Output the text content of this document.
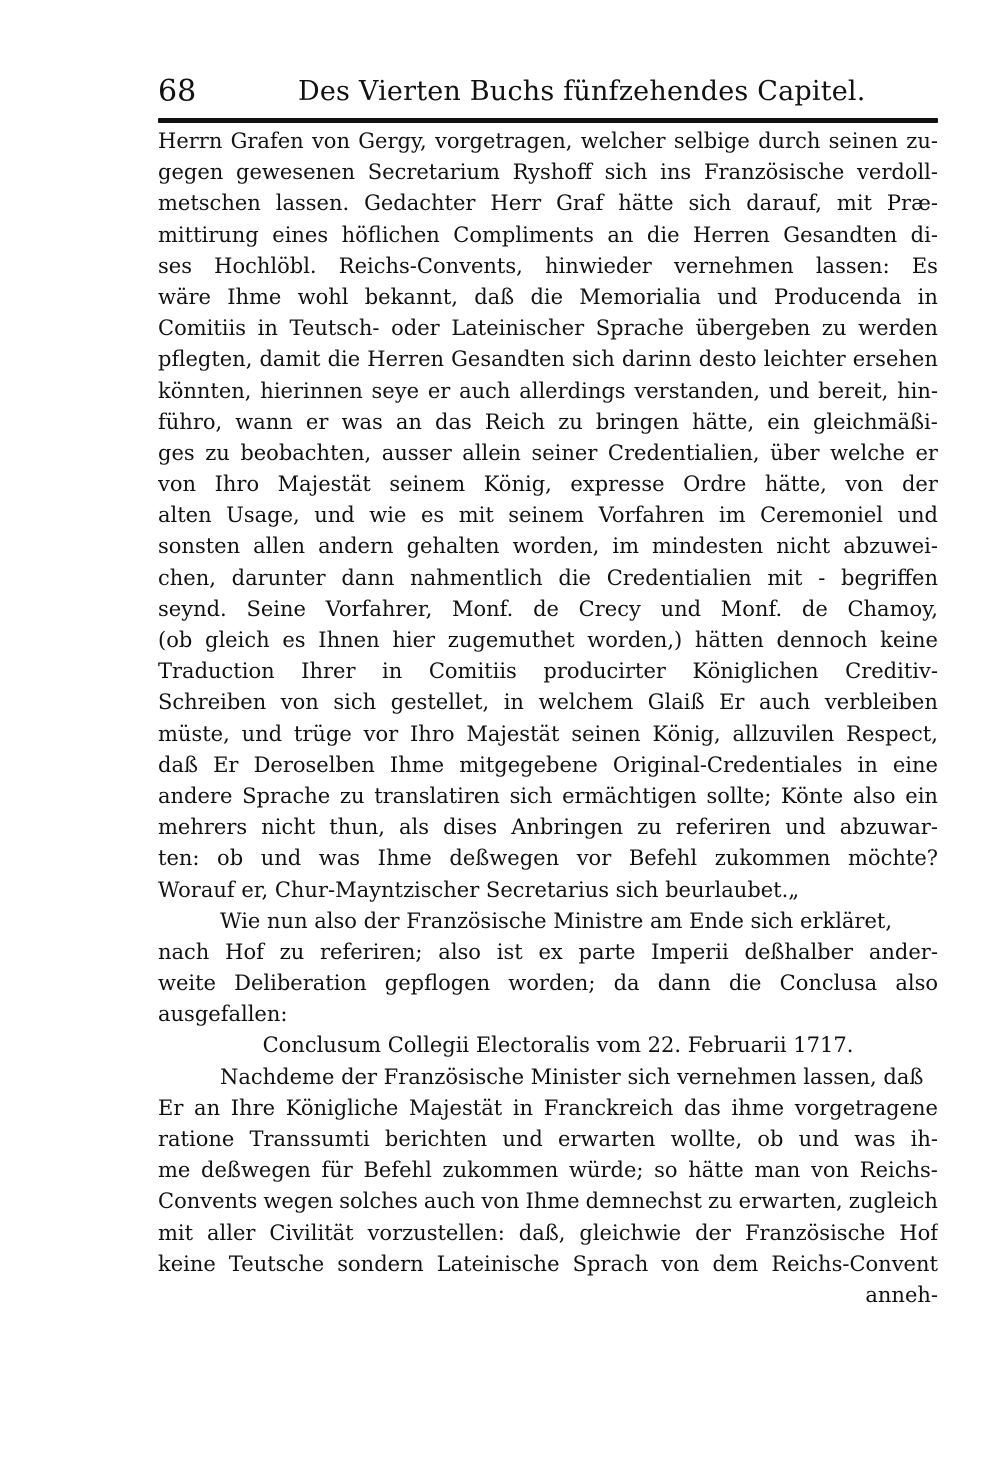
68	Des Vierten Buchs fünfzehendes Capitel.
Herrn Grafen von Gergy, vorgetragen, welcher selbige durch seinen zu-
gegen gewesenen Secretarium Ryshoff sich ins Französische verdoll-
metschen lassen. Gedachter Herr Graf hätte sich darauf, mit Præ-
mittirung eines höflichen Compliments an die Herren Gesandten di-
ses Hochlöbl. Reichs-Convents, hinwieder vernehmen lassen: Es
wäre Ihme wohl bekannt, daß die Memorialia und Producenda in
Comitiis in Teutsch- oder Lateinischer Sprache übergeben zu werden
pflegten, damit die Herren Gesandten sich darinn desto leichter ersehen
könnten, hierinnen seye er auch allerdings verstanden, und bereit, hin-
führo, wann er was an das Reich zu bringen hätte, ein gleichmäßi-
ges zu beobachten, ausser allein seiner Credentialien, über welche er
von Ihro Majestät seinem König, expresse Ordre hätte, von der
alten Usage, und wie es mit seinem Vorfahren im Ceremoniel und
sonsten allen andern gehalten worden, im mindesten nicht abzuwei-
chen, darunter dann nahmentlich die Credentialien mit - begriffen
seynd. Seine Vorfahrer, Monf. de Crecy und Monf. de Chamoy,
(ob gleich es Ihnen hier zugemuthet worden,) hätten dennoch keine
Traduction Ihrer in Comitiis producirter Königlichen Creditiv-
Schreiben von sich gestellet, in welchem Glaiß Er auch verbleiben
müste, und trüge vor Ihro Majestät seinen König, allzuvilen Respect,
daß Er Deroselben Ihme mitgegebene Original-Credentiales in eine
andere Sprache zu translatiren sich ermächtigen sollte; Könte also ein
mehrers nicht thun, als dises Anbringen zu referiren und abzuwar-
ten: ob und was Ihme deßwegen vor Befehl zukommen möchte?
Worauf er, Chur-Mayntzischer Secretarius sich beurlaubet.„
Wie nun also der Französische Ministre am Ende sich erkläret,
nach Hof zu referiren; also ist ex parte Imperii deßhalber ander-
weite Deliberation gepflogen worden; da dann die Conclusa also
ausgefallen:
Conclusum Collegii Electoralis vom 22. Februarii 1717.
Nachdeme der Französische Minister sich vernehmen lassen, daß
Er an Ihre Königliche Majestät in Franckreich das ihme vorgetragene
ratione Transsumti berichten und erwarten wollte, ob und was ih-
me deßwegen für Befehl zukommen würde; so hätte man von Reichs-
Convents wegen solches auch von Ihme demnechst zu erwarten, zugleich
mit aller Civilität vorzustellen: daß, gleichwie der Französische Hof
keine Teutsche sondern Lateinische Sprach von dem Reichs-Convent
anneh-
